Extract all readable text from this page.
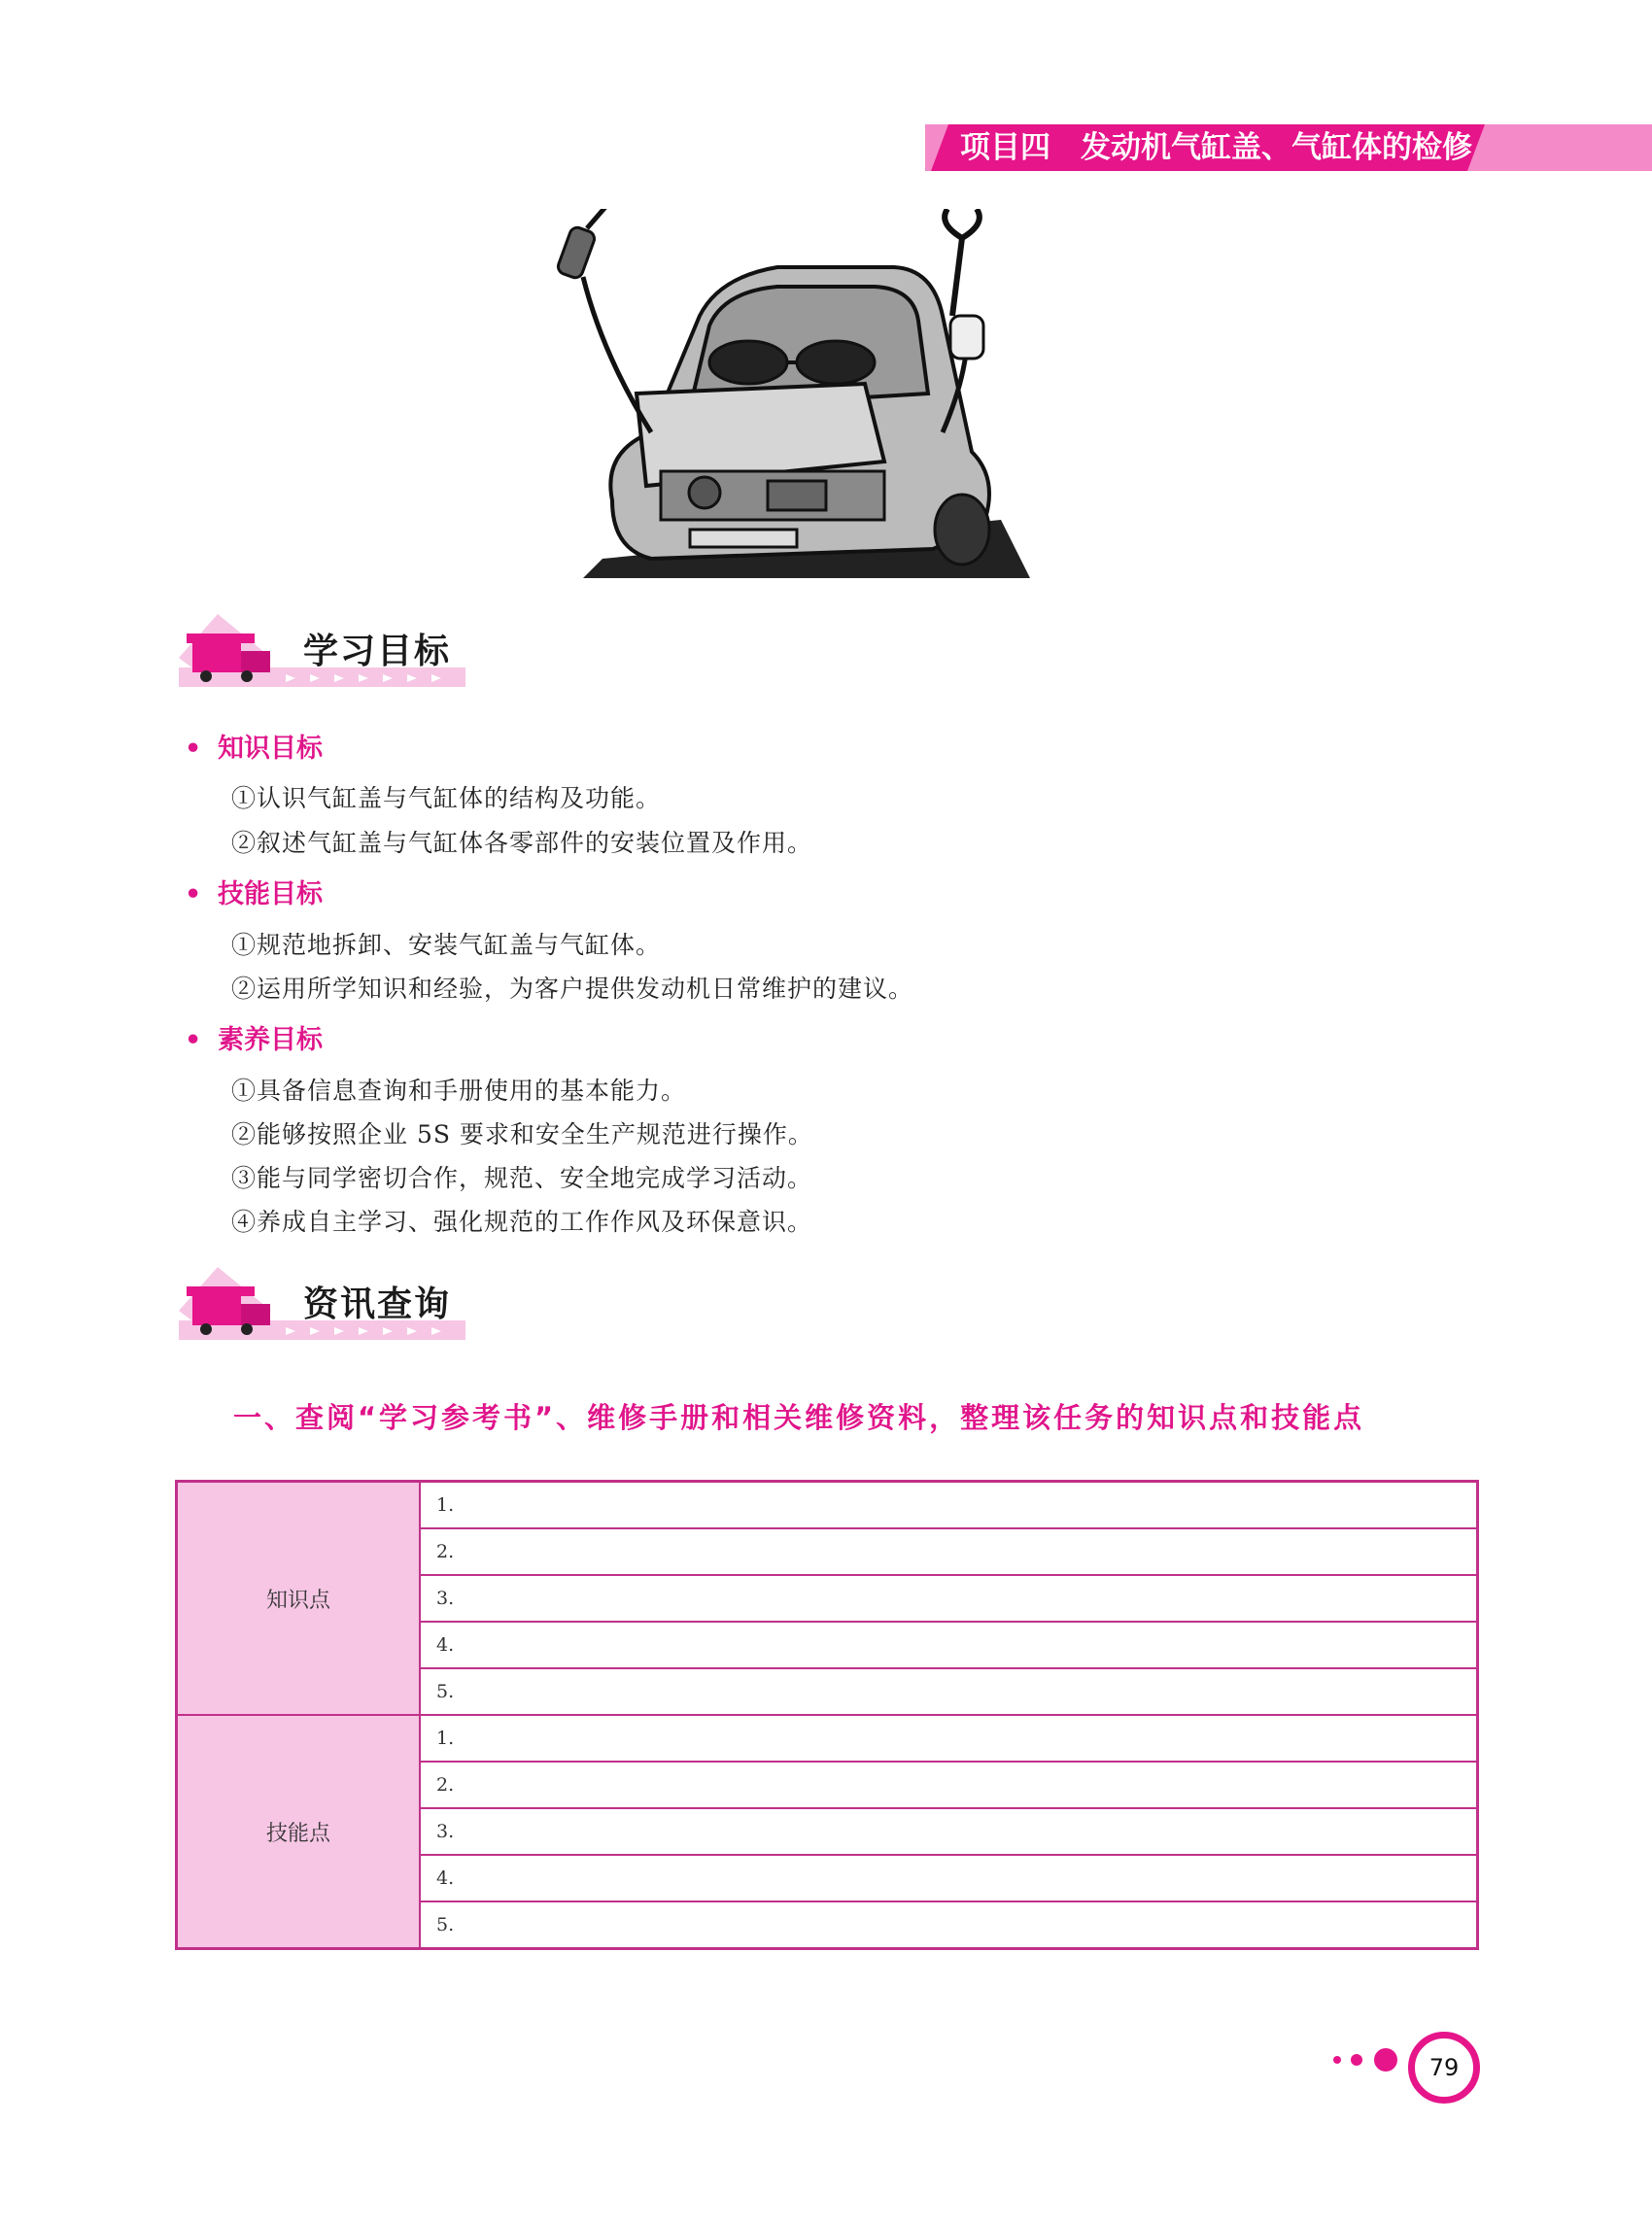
项目四　发动机气缸盖、气缸体的检修
学习目标
• 知识目标
①认识气缸盖与气缸体的结构及功能。
②叙述气缸盖与气缸体各零部件的安装位置及作用。
• 技能目标
①规范地拆卸、安装气缸盖与气缸体。
②运用所学知识和经验，为客户提供发动机日常维护的建议。
• 素养目标
①具备信息查询和手册使用的基本能力。
②能够按照企业 5S 要求和安全生产规范进行操作。
③能与同学密切合作，规范、安全地完成学习活动。
④养成自主学习、强化规范的工作作风及环保意识。
资讯查询
一、查阅“学习参考书”、维修手册和相关维修资料，整理该任务的知识点和技能点
知识点	1.
	2.
	3.
	4.
	5.
技能点	1.
	2.
	3.
	4.
	5.
79
